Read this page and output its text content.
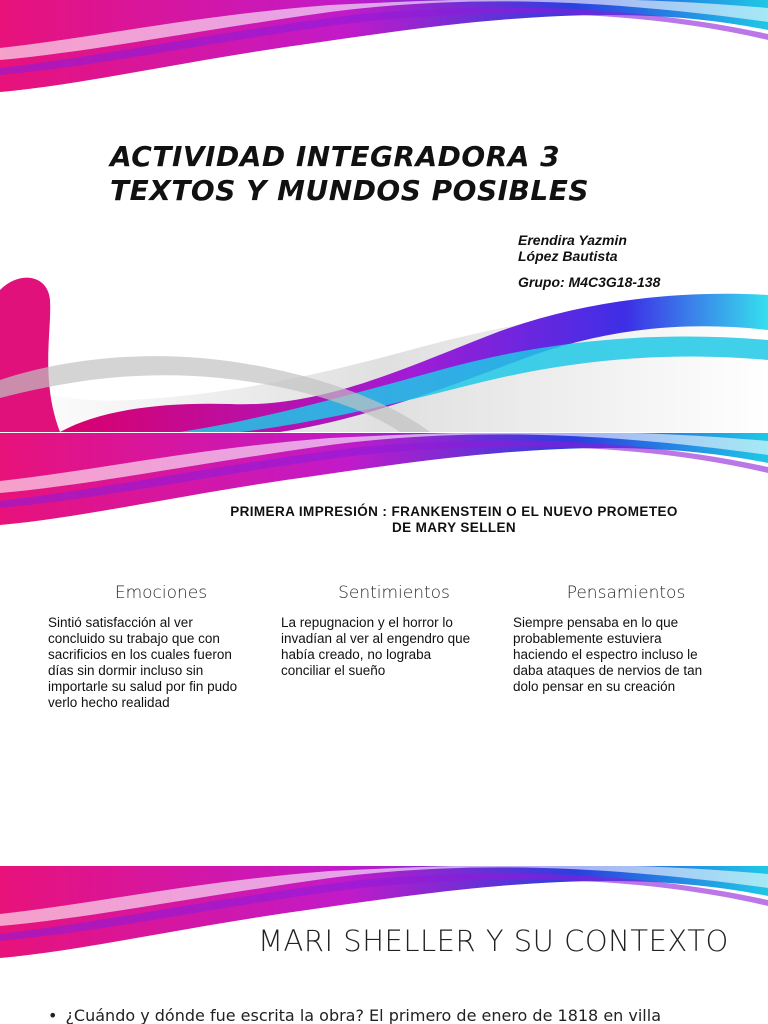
ACTIVIDAD INTEGRADORA 3
TEXTOS Y MUNDOS POSIBLES
Erendira Yazmin
López Bautista
Grupo: M4C3G18-138
PRIMERA IMPRESIÓN : FRANKENSTEIN O EL NUEVO PROMETEO
DE MARY SELLEN
Emociones
Sintió satisfacción al ver
concluido su trabajo que con
sacrificios en los cuales fueron
días sin dormir incluso sin
importarle su salud por fin pudo
verlo hecho realidad
Sentimientos
La repugnacion y el horror lo
invadían al ver al engendro que
había creado, no lograba
conciliar el sueño
Pensamientos
Siempre pensaba en lo que
probablemente estuviera
haciendo el espectro incluso le
daba ataques de nervios de tan
dolo pensar en su creación
MARI SHELLER Y SU CONTEXTO
• ¿Cuándo y dónde fue escrita la obra? El primero de enero de 1818 en villa
